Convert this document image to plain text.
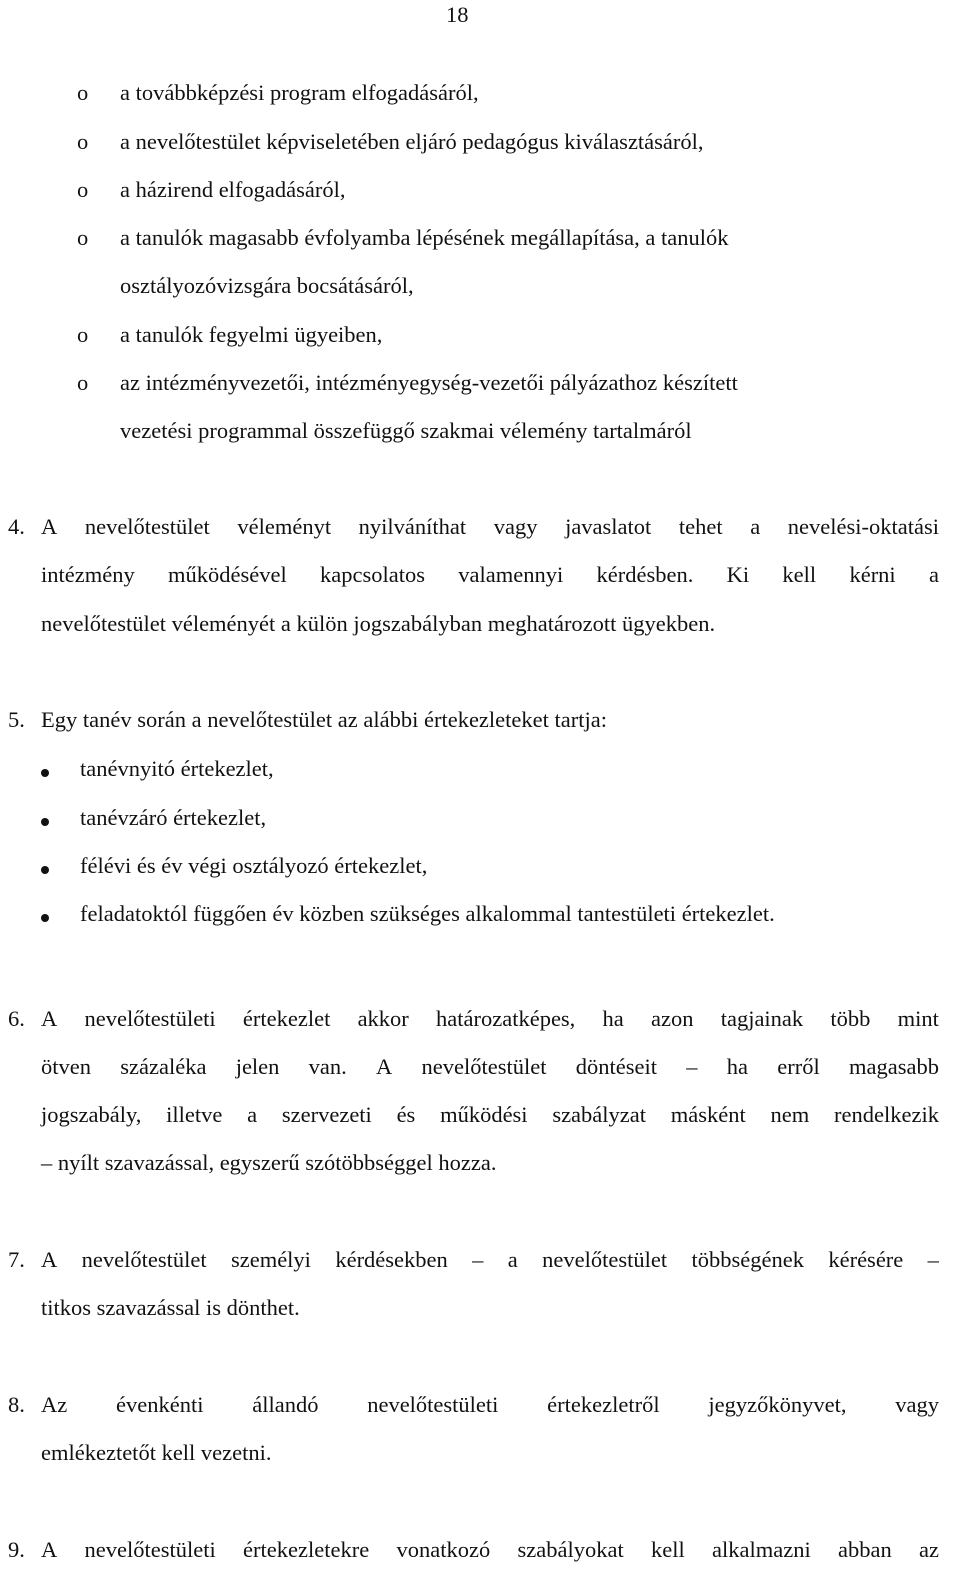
18
o a továbbképzési program elfogadásáról,
o a nevelőtestület képviseletében eljáró pedagógus kiválasztásáról,
o a házirend elfogadásáról,
o a tanulók magasabb évfolyamba lépésének megállapítása, a tanulók
osztályozóvizsgára bocsátásáról,
o a tanulók fegyelmi ügyeiben,
o az intézményvezetői, intézményegység-vezetői pályázathoz készített
vezetési programmal összefüggő szakmai vélemény tartalmáról
4. A nevelőtestület véleményt nyilváníthat vagy javaslatot tehet a nevelési-oktatási
intézmény működésével kapcsolatos valamennyi kérdésben. Ki kell kérni a
nevelőtestület véleményét a külön jogszabályban meghatározott ügyekben.
5. Egy tanév során a nevelőtestület az alábbi értekezleteket tartja:
tanévnyitó értekezlet,
tanévzáró értekezlet,
félévi és év végi osztályozó értekezlet,
feladatoktól függően év közben szükséges alkalommal tantestületi értekezlet.
6. A nevelőtestületi értekezlet akkor határozatképes, ha azon tagjainak több mint
ötven százaléka jelen van. A nevelőtestület döntéseit – ha erről magasabb
jogszabály, illetve a szervezeti és működési szabályzat másként nem rendelkezik
– nyílt szavazással, egyszerű szótöbbséggel hozza.
7. A nevelőtestület személyi kérdésekben – a nevelőtestület többségének kérésére –
titkos szavazással is dönthet.
8. Az évenkénti állandó nevelőtestületi értekezletről jegyzőkönyvet, vagy
emlékeztetőt kell vezetni.
9. A nevelőtestületi értekezletekre vonatkozó szabályokat kell alkalmazni abban az
